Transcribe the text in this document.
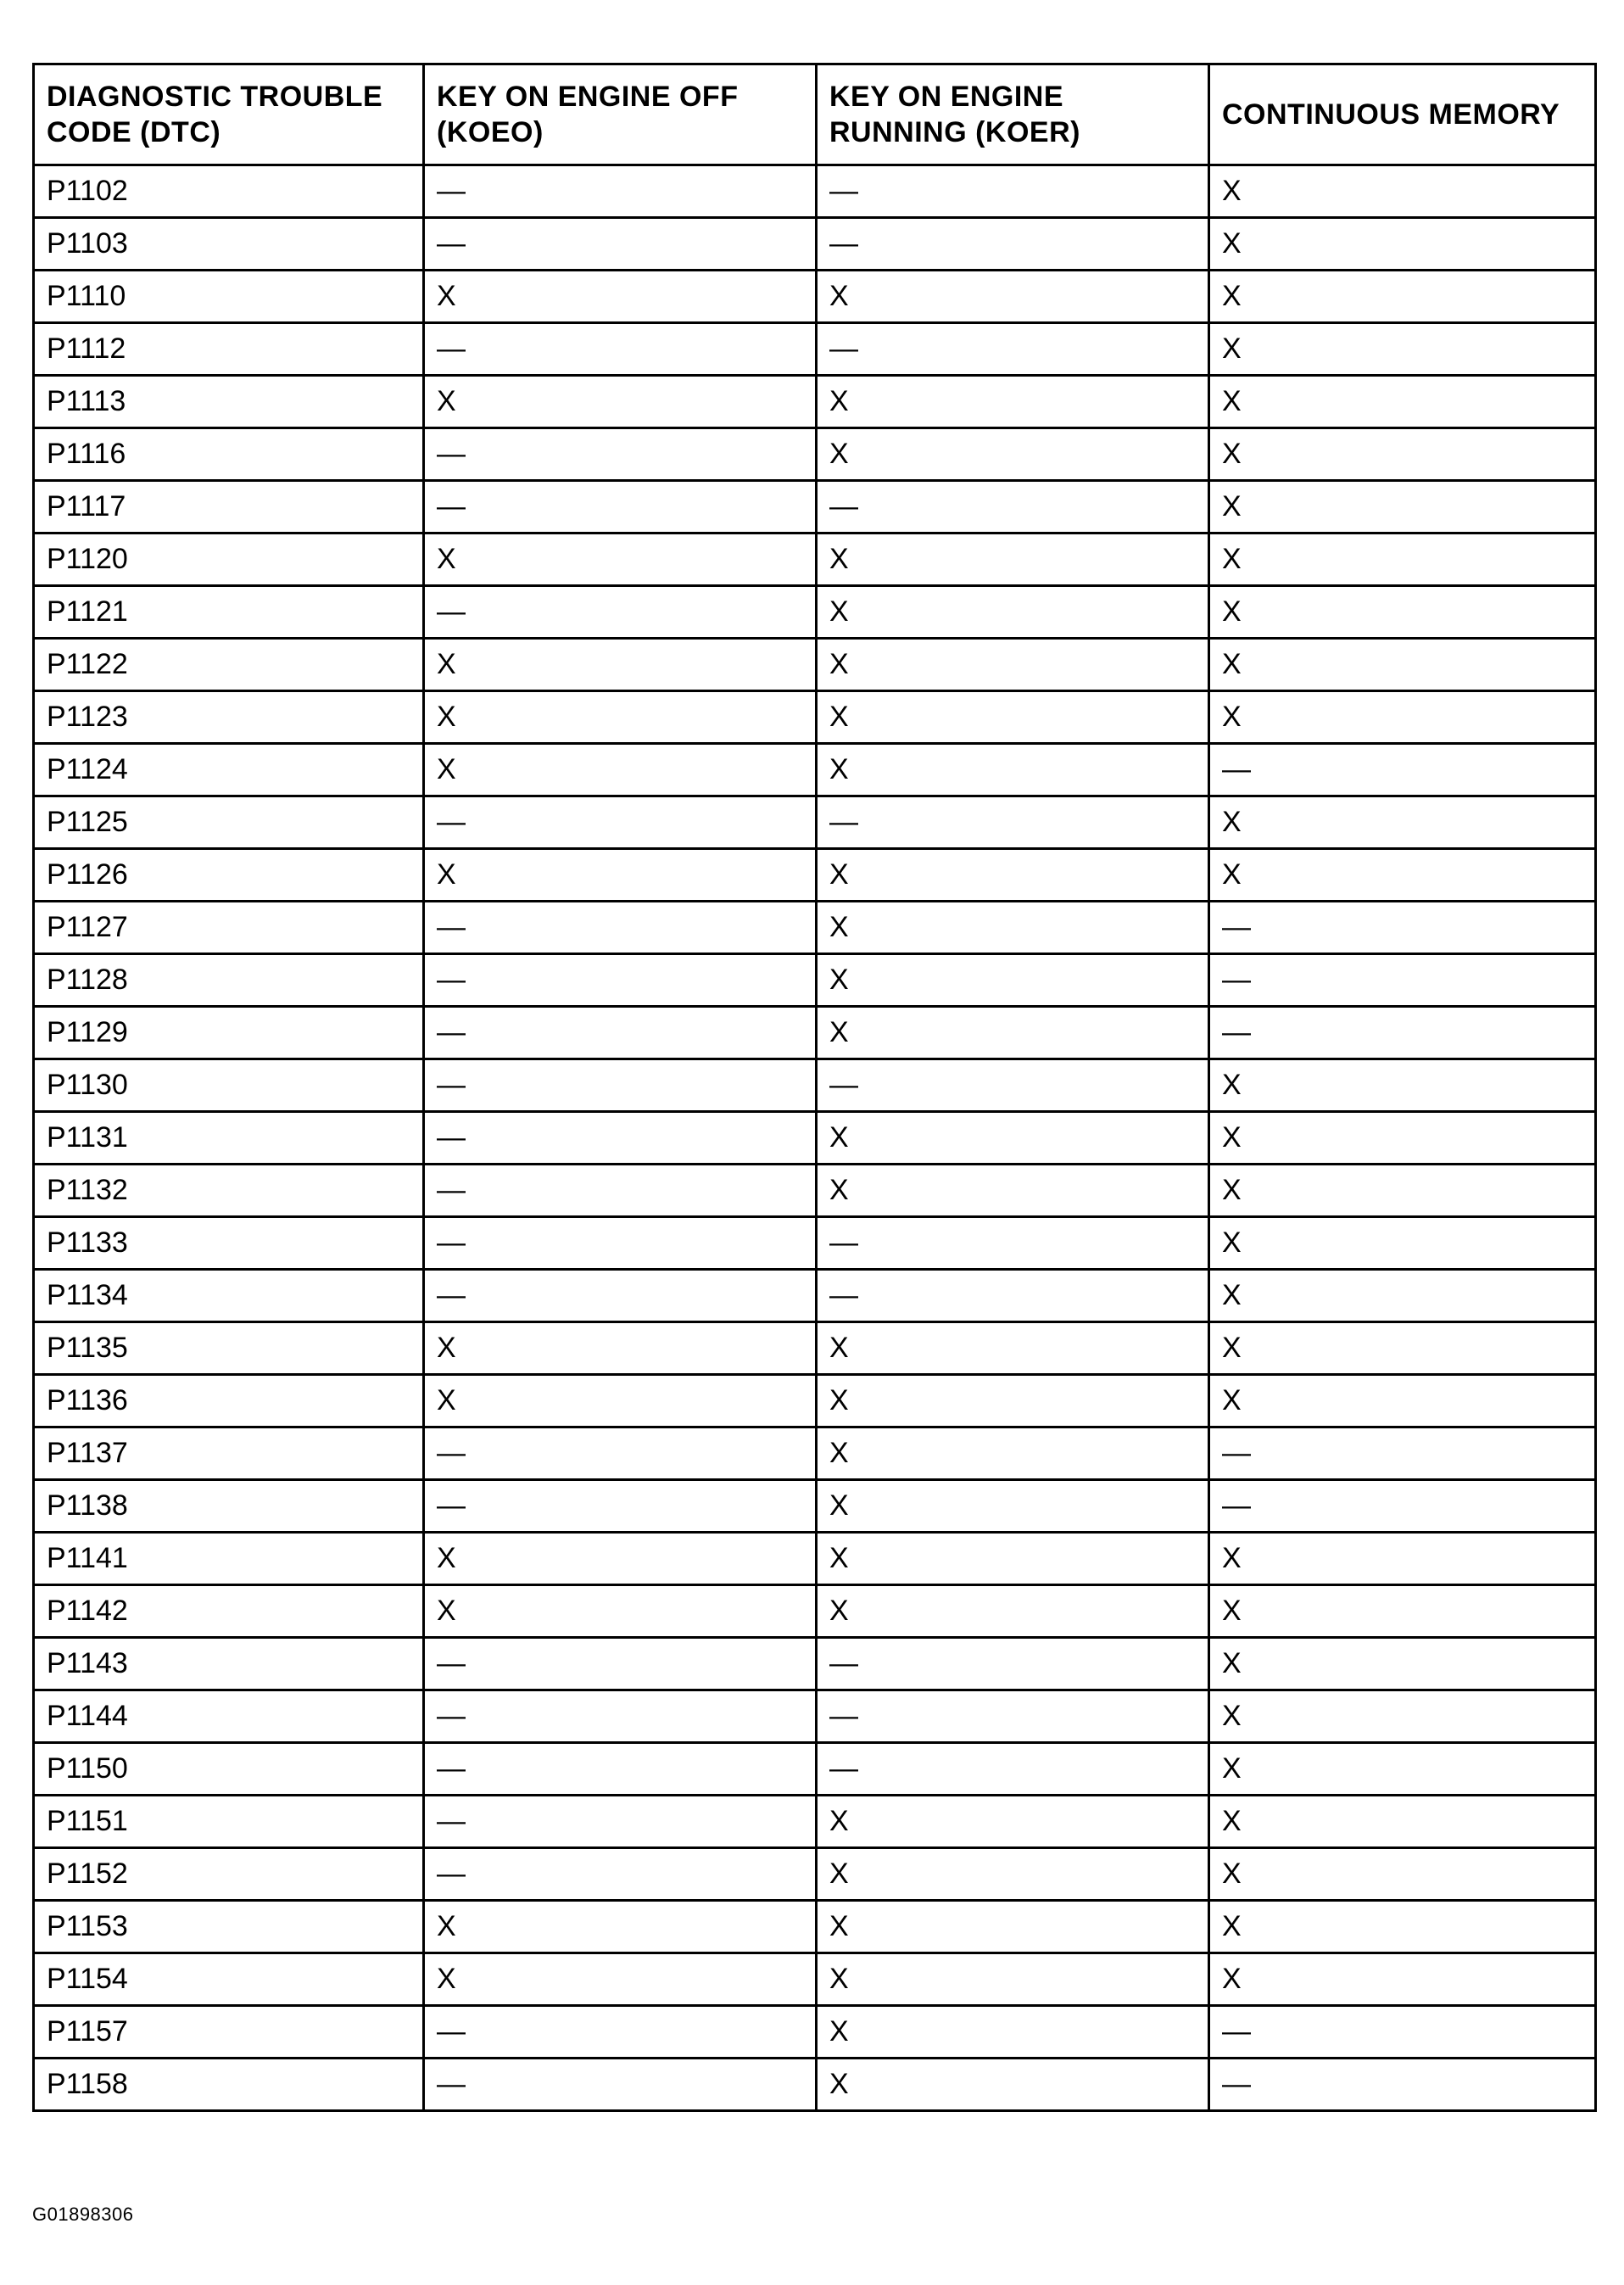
DIAGNOSTIC TROUBLE CODE (DTC)	KEY ON ENGINE OFF (KOEO)	KEY ON ENGINE RUNNING (KOER)	CONTINUOUS MEMORY
P1102	—	—	X
P1103	—	—	X
P1110	X	X	X
P1112	—	—	X
P1113	X	X	X
P1116	—	X	X
P1117	—	—	X
P1120	X	X	X
P1121	—	X	X
P1122	X	X	X
P1123	X	X	X
P1124	X	X	—
P1125	—	—	X
P1126	X	X	X
P1127	—	X	—
P1128	—	X	—
P1129	—	X	—
P1130	—	—	X
P1131	—	X	X
P1132	—	X	X
P1133	—	—	X
P1134	—	—	X
P1135	X	X	X
P1136	X	X	X
P1137	—	X	—
P1138	—	X	—
P1141	X	X	X
P1142	X	X	X
P1143	—	—	X
P1144	—	—	X
P1150	—	—	X
P1151	—	X	X
P1152	—	X	X
P1153	X	X	X
P1154	X	X	X
P1157	—	X	—
P1158	—	X	—
G01898306
